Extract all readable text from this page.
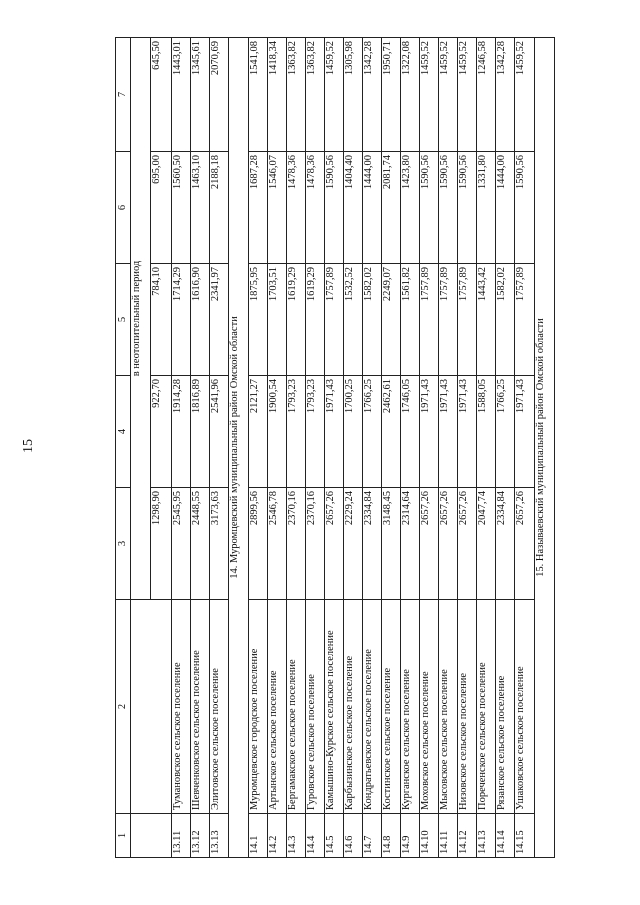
15
1	2	3	4	5	6	7
		в неотопительный период				
		1298,90	922,70	784,10	695,00	645,50
13.11	Тумановское сельское поселение	2545,95	1914,28	1714,29	1560,50	1443,01
13.12	Шевченковское сельское поселение	2448,55	1816,89	1616,90	1463,10	1345,61
13.13	Элитовское сельское поселение	3173,63	2541,96	2341,97	2188,18	2070,69
14. Муромцевский муниципальный район Омской области						
14.1	Муромцевское городское поселение	2899,56	2121,27	1875,95	1687,28	1541,08
14.2	Артынское сельское поселение	2546,78	1900,54	1703,51	1546,07	1418,34
14.3	Бергамакское сельское поселение	2370,16	1793,23	1619,29	1478,36	1363,82
14.4	Гуровское сельское поселение	2370,16	1793,23	1619,29	1478,36	1363,82
14.5	Камышино-Курское сельское поселение	2657,26	1971,43	1757,89	1590,56	1459,52
14.6	Карбызинское сельское поселение	2229,24	1700,25	1532,52	1404,40	1305,98
14.7	Кондратьевское сельское поселение	2334,84	1766,25	1582,02	1444,00	1342,28
14.8	Костинское сельское поселение	3148,45	2462,61	2249,07	2081,74	1950,71
14.9	Курганское сельское поселение	2314,64	1746,05	1561,82	1423,80	1322,08
14.10	Моховское сельское поселение	2657,26	1971,43	1757,89	1590,56	1459,52
14.11	Мысовское сельское поселение	2657,26	1971,43	1757,89	1590,56	1459,52
14.12	Низовское сельское поселение	2657,26	1971,43	1757,89	1590,56	1459,52
14.13	Пореченское сельское поселение	2047,74	1588,05	1443,42	1331,80	1246,58
14.14	Рязанское сельское поселение	2334,84	1766,25	1582,02	1444,00	1342,28
14.15	Ушаковское сельское поселение	2657,26	1971,43	1757,89	1590,56	1459,52
15. Называевский муниципальный район Омской области						
